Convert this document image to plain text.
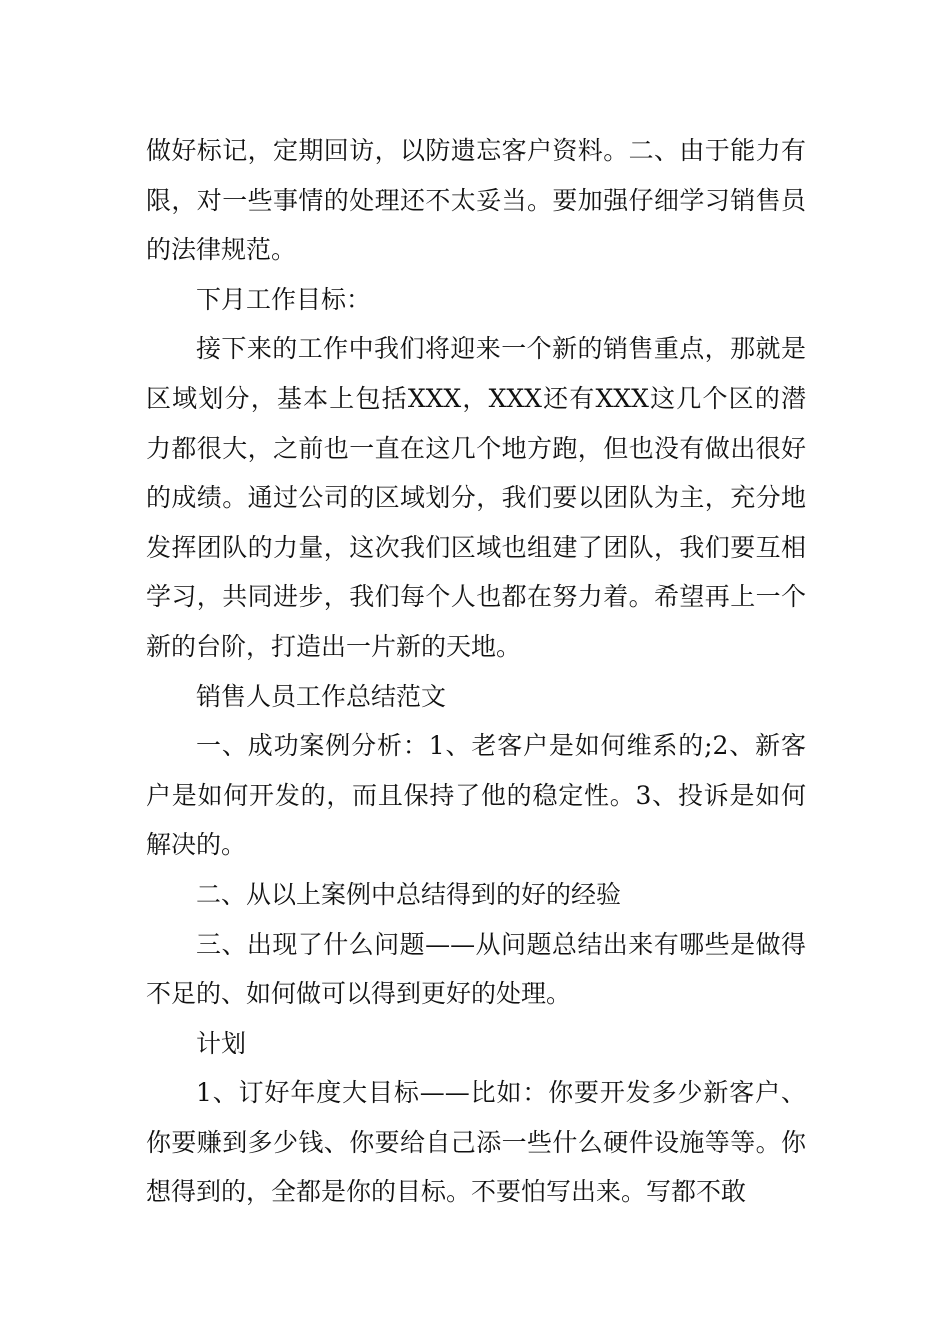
做好标记，定期回访，以防遗忘客户资料。二、由于能力有限，对一些事情的处理还不太妥当。要加强仔细学习销售员的法律规范。

下月工作目标：

接下来的工作中我们将迎来一个新的销售重点，那就是区域划分，基本上包括XXX，XXX还有XXX这几个区的潜力都很大，之前也一直在这几个地方跑，但也没有做出很好的成绩。通过公司的区域划分，我们要以团队为主，充分地发挥团队的力量，这次我们区域也组建了团队，我们要互相学习，共同进步，我们每个人也都在努力着。希望再上一个新的台阶，打造出一片新的天地。

销售人员工作总结范文

一、成功案例分析：1、老客户是如何维系的;2、新客户是如何开发的，而且保持了他的稳定性。3、投诉是如何解决的。

二、从以上案例中总结得到的好的经验

三、出现了什么问题——从问题总结出来有哪些是做得不足的、如何做可以得到更好的处理。

计划

1、订好年度大目标——比如：你要开发多少新客户、你要赚到多少钱、你要给自己添一些什么硬件设施等等。你想得到的，全都是你的目标。不要怕写出来。写都不敢
